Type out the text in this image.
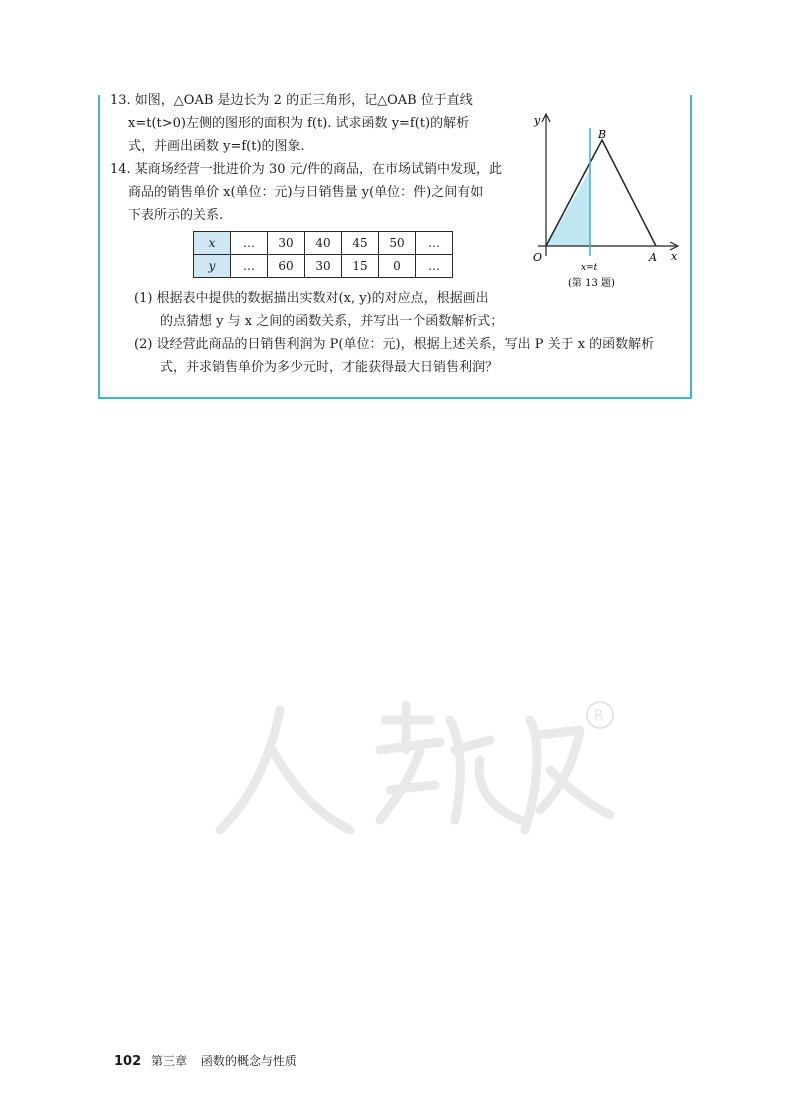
13. 如图，△OAB 是边长为 2 的正三角形，记△OAB 位于直线
x=t(t>0)左侧的图形的面积为 f(t). 试求函数 y=f(t)的解析
式，并画出函数 y=f(t)的图象.
14. 某商场经营一批进价为 30 元/件的商品，在市场试销中发现，此
商品的销售单价 x(单位：元)与日销售量 y(单位：件)之间有如
下表所示的关系.
x	…	30	40	45	50	…
y	…	60	30	15	0	…
(1) 根据表中提供的数据描出实数对(x, y)的对应点，根据画出
的点猜想 y 与 x 之间的函数关系，并写出一个函数解析式；
(2) 设经营此商品的日销售利润为 P(单位：元)，根据上述关系，写出 P 关于 x 的函数解析
式，并求销售单价为多少元时，才能获得最大日销售利润？
y
x
O	A
B
x=t
(第 13 题)
R
102 第三章 函数的概念与性质
